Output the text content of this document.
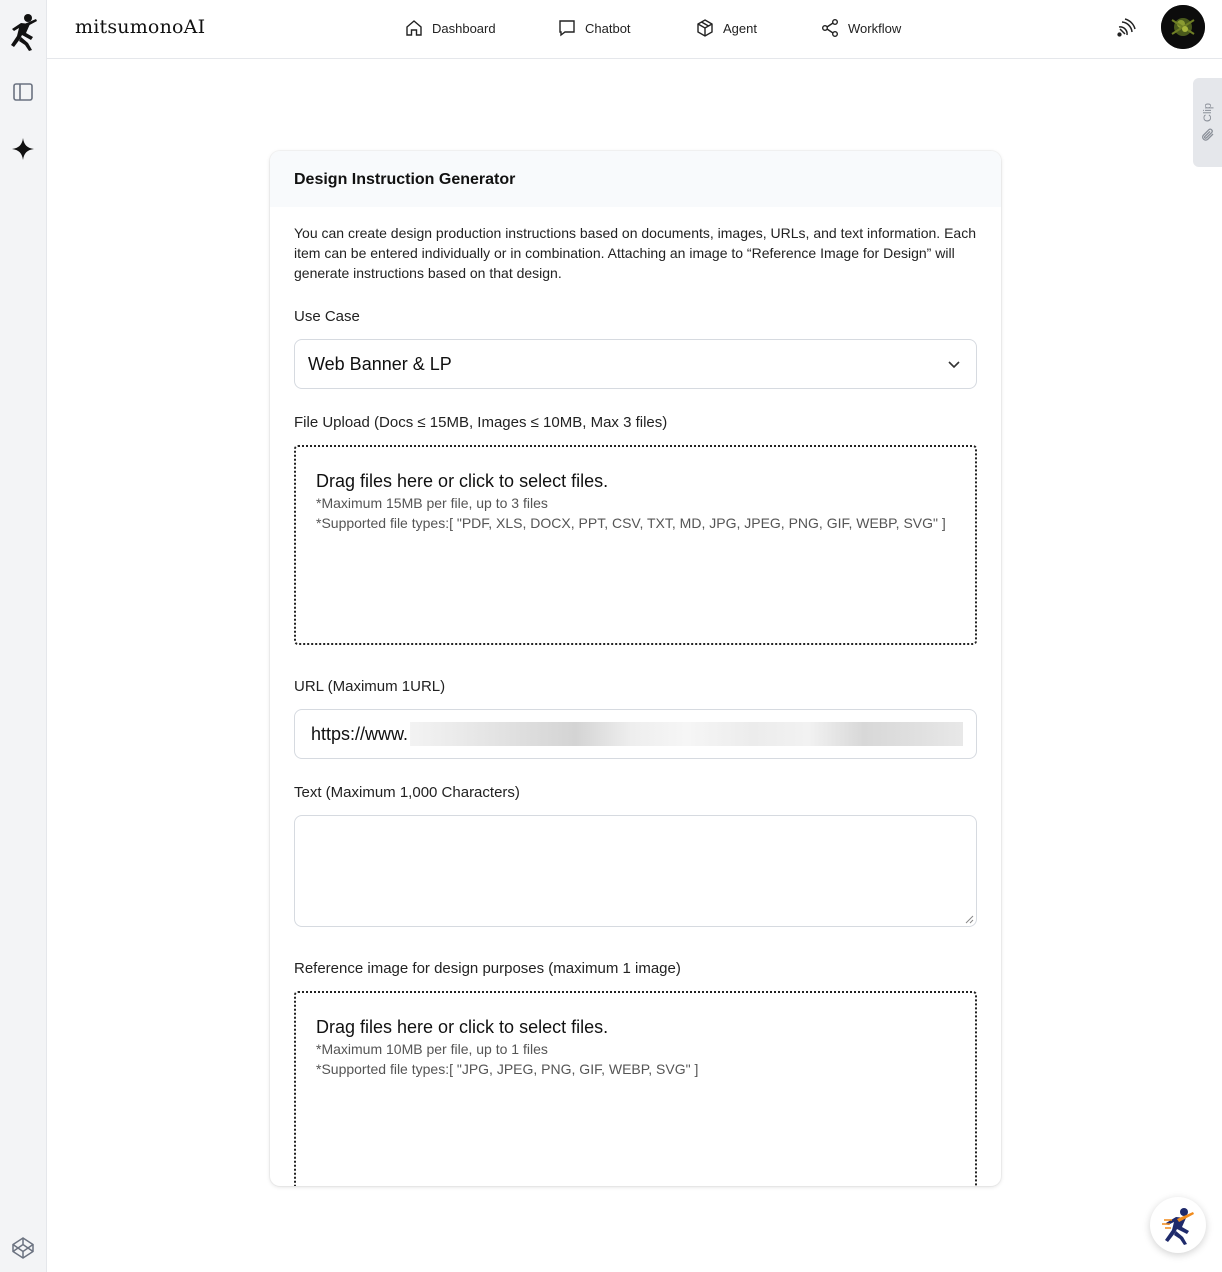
mitsumonoAI	Dashboard	Chatbot	Agent	Workflow
Clip
Design Instruction Generator

You can create design production instructions based on documents, images, URLs, and text information. Each item can be entered individually or in combination. Attaching an image to “Reference Image for Design” will generate instructions based on that design.

Use Case
Web Banner & LP
File Upload (Docs ≤ 15MB, Images ≤ 10MB, Max 3 files)
Drag files here or click to select files.
*Maximum 15MB per file, up to 3 files
*Supported file types:[ "PDF, XLS, DOCX, PPT, CSV, TXT, MD, JPG, JPEG, PNG, GIF, WEBP, SVG" ]
URL (Maximum 1URL)
https://www.
Text (Maximum 1,000 Characters)
Reference image for design purposes (maximum 1 image)
Drag files here or click to select files.
*Maximum 10MB per file, up to 1 files
*Supported file types:[ "JPG, JPEG, PNG, GIF, WEBP, SVG" ]
